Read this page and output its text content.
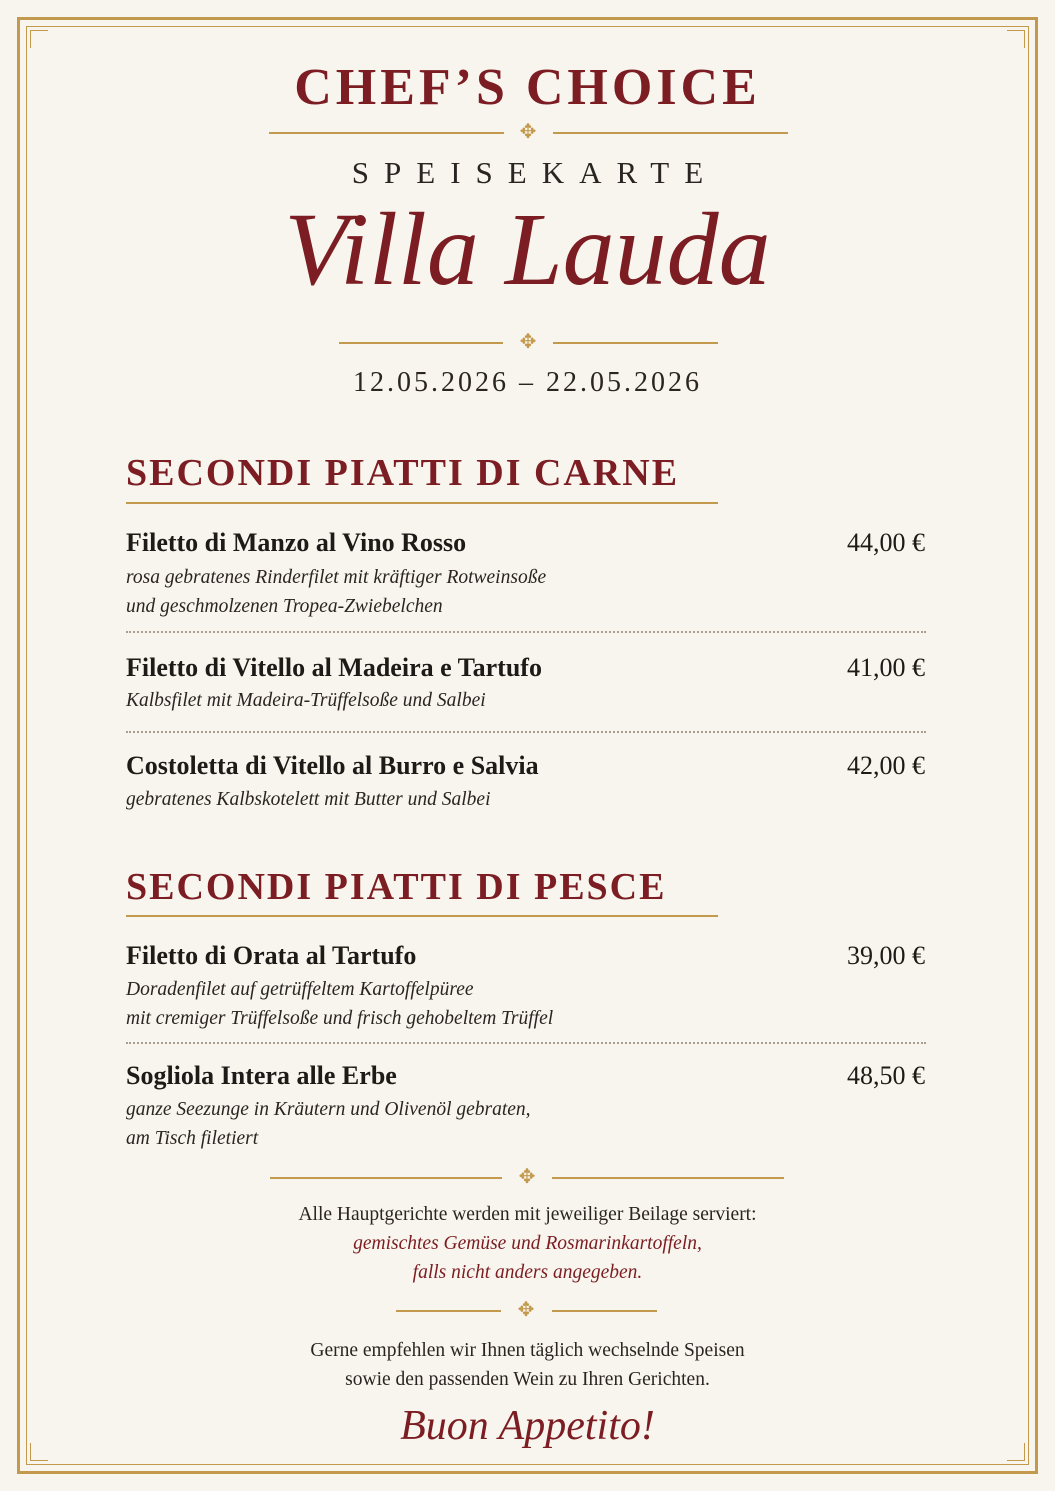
CHEF’S CHOICE
✥
SPEISEKARTE
Villa Lauda
✥
12.05.2026 – 22.05.2026
SECONDI PIATTI DI CARNE
Filetto di Manzo al Vino Rosso	44,00 €
rosa gebratenes Rinderfilet mit kräftiger Rotweinsoße
und geschmolzenen Tropea-Zwiebelchen
Filetto di Vitello al Madeira e Tartufo	41,00 €
Kalbsfilet mit Madeira-Trüffelsoße und Salbei
Costoletta di Vitello al Burro e Salvia	42,00 €
gebratenes Kalbskotelett mit Butter und Salbei
SECONDI PIATTI DI PESCE
Filetto di Orata al Tartufo	39,00 €
Doradenfilet auf getrüffeltem Kartoffelpüree
mit cremiger Trüffelsoße und frisch gehobeltem Trüffel
Sogliola Intera alle Erbe	48,50 €
ganze Seezunge in Kräutern und Olivenöl gebraten,
am Tisch filetiert
✥
Alle Hauptgerichte werden mit jeweiliger Beilage serviert:
gemischtes Gemüse und Rosmarinkartoffeln,
falls nicht anders angegeben.
✥
Gerne empfehlen wir Ihnen täglich wechselnde Speisen
sowie den passenden Wein zu Ihren Gerichten.
Buon Appetito!
